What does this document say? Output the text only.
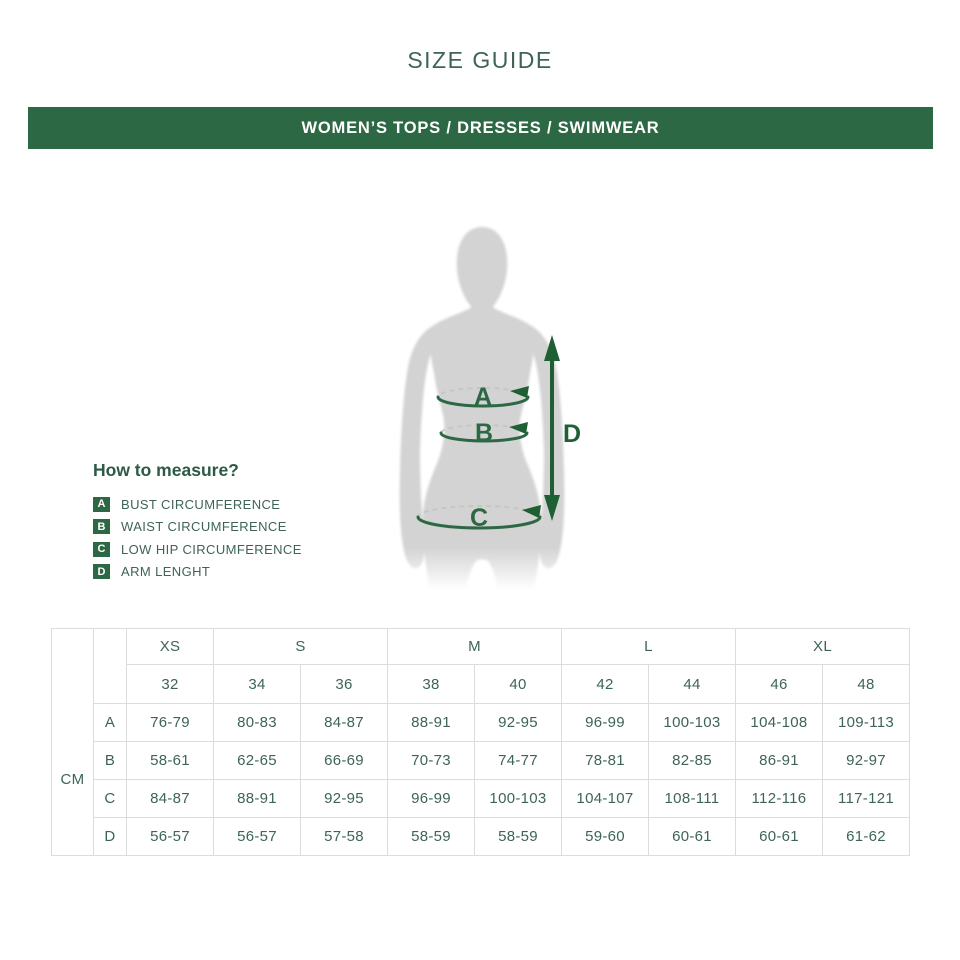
SIZE GUIDE
WOMEN’S TOPS / DRESSES / SWIMWEAR
A
B
C
D
How to measure?
A	BUST CIRCUMFERENCE
B	WAIST CIRCUMFERENCE
C	LOW HIP CIRCUMFERENCE
D	ARM LENGHT
CM		XS	S		M		L		XL	
		32	34	36	38	40	42	44	46	48
	A	76-79	80-83	84-87	88-91	92-95	96-99	100-103	104-108	109-113
	B	58-61	62-65	66-69	70-73	74-77	78-81	82-85	86-91	92-97
	C	84-87	88-91	92-95	96-99	100-103	104-107	108-111	112-116	117-121
	D	56-57	56-57	57-58	58-59	58-59	59-60	60-61	60-61	61-62
